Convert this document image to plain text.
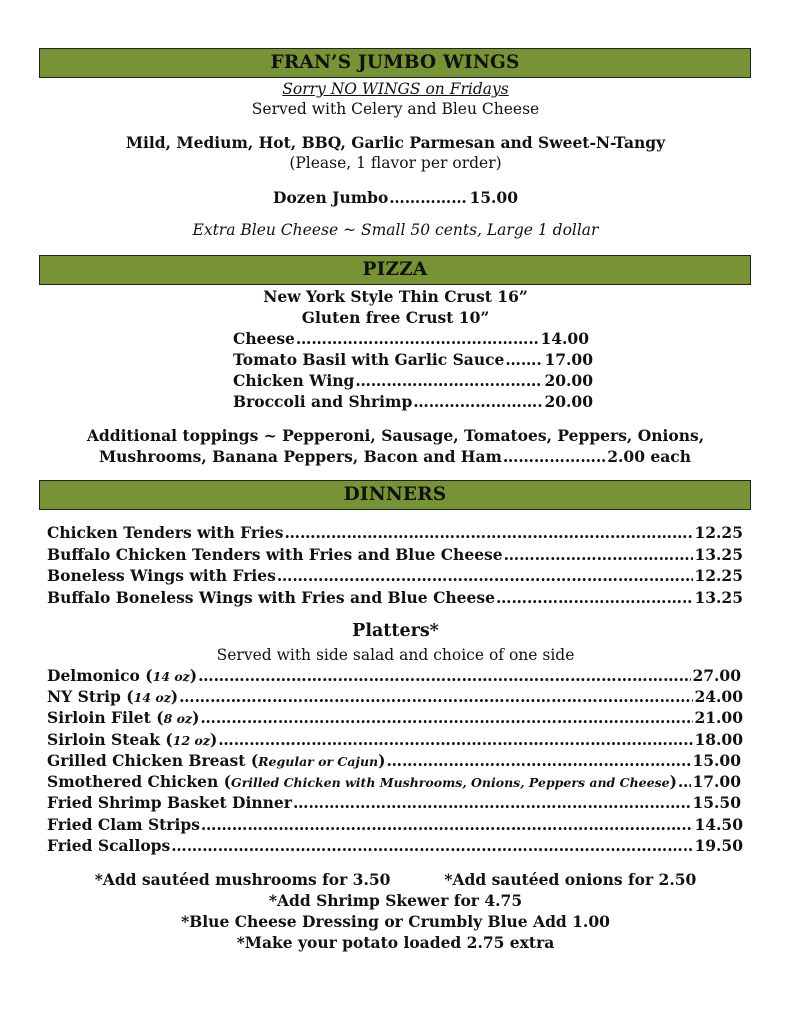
FRAN’S JUMBO WINGS
Sorry NO WINGS on Fridays
Served with Celery and Bleu Cheese
Mild, Medium, Hot, BBQ, Garlic Parmesan and Sweet-N-Tangy
(Please, 1 flavor per order)
Dozen Jumbo ……………………………………………………………………………………………………………………………………………………………………………………………………………………	15.00
Extra Bleu Cheese ~ Small 50 cents, Large 1 dollar
PIZZA
New York Style Thin Crust 16”
Gluten free Crust 10”
Cheese ……………………………………………………………………………………………………………………………………………………………………………………………………………………	14.00
Tomato Basil with Garlic Sauce ……………………………………………………………………………………………………………………………………………………………………………………………………………………	17.00
Chicken Wing ……………………………………………………………………………………………………………………………………………………………………………………………………………………	20.00
Broccoli and Shrimp ……………………………………………………………………………………………………………………………………………………………………………………………………………………	20.00
Additional toppings ~ Pepperoni, Sausage, Tomatoes, Peppers, Onions,
Mushrooms, Banana Peppers, Bacon and Ham ……………………………………………………………………………………………………………………………………………………………………………………………………………………	2.00 each
DINNERS
Chicken Tenders with Fries ……………………………………………………………………………………………………………………………………………………………………………………………………………………	12.25
Buffalo Chicken Tenders with Fries and Blue Cheese ……………………………………………………………………………………………………………………………………………………………………………………………………………………	13.25
Boneless Wings with Fries ……………………………………………………………………………………………………………………………………………………………………………………………………………………	12.25
Buffalo Boneless Wings with Fries and Blue Cheese ……………………………………………………………………………………………………………………………………………………………………………………………………………………	13.25
Platters*
Served with side salad and choice of one side
Delmonico (14 oz) ……………………………………………………………………………………………………………………………………………………………………………………………………………………	27.00
NY Strip (14 oz) ……………………………………………………………………………………………………………………………………………………………………………………………………………………	24.00
Sirloin Filet (8 oz) ……………………………………………………………………………………………………………………………………………………………………………………………………………………	21.00
Sirloin Steak (12 oz) ……………………………………………………………………………………………………………………………………………………………………………………………………………………	18.00
Grilled Chicken Breast (Regular or Cajun) ……………………………………………………………………………………………………………………………………………………………………………………………………………………	15.00
Smothered Chicken (Grilled Chicken with Mushrooms, Onions, Peppers and Cheese) …………………………………………………………………………………………………………………………………………………………………………………………………………………… 17.00
Fried Shrimp Basket Dinner ……………………………………………………………………………………………………………………………………………………………………………………………………………………	15.50
Fried Clam Strips ……………………………………………………………………………………………………………………………………………………………………………………………………………………	14.50
Fried Scallops ……………………………………………………………………………………………………………………………………………………………………………………………………………………	19.50
*Add sautéed mushrooms for 3.50          *Add sautéed onions for 2.50
*Add Shrimp Skewer for 4.75
*Blue Cheese Dressing or Crumbly Blue Add 1.00
*Make your potato loaded 2.75 extra
